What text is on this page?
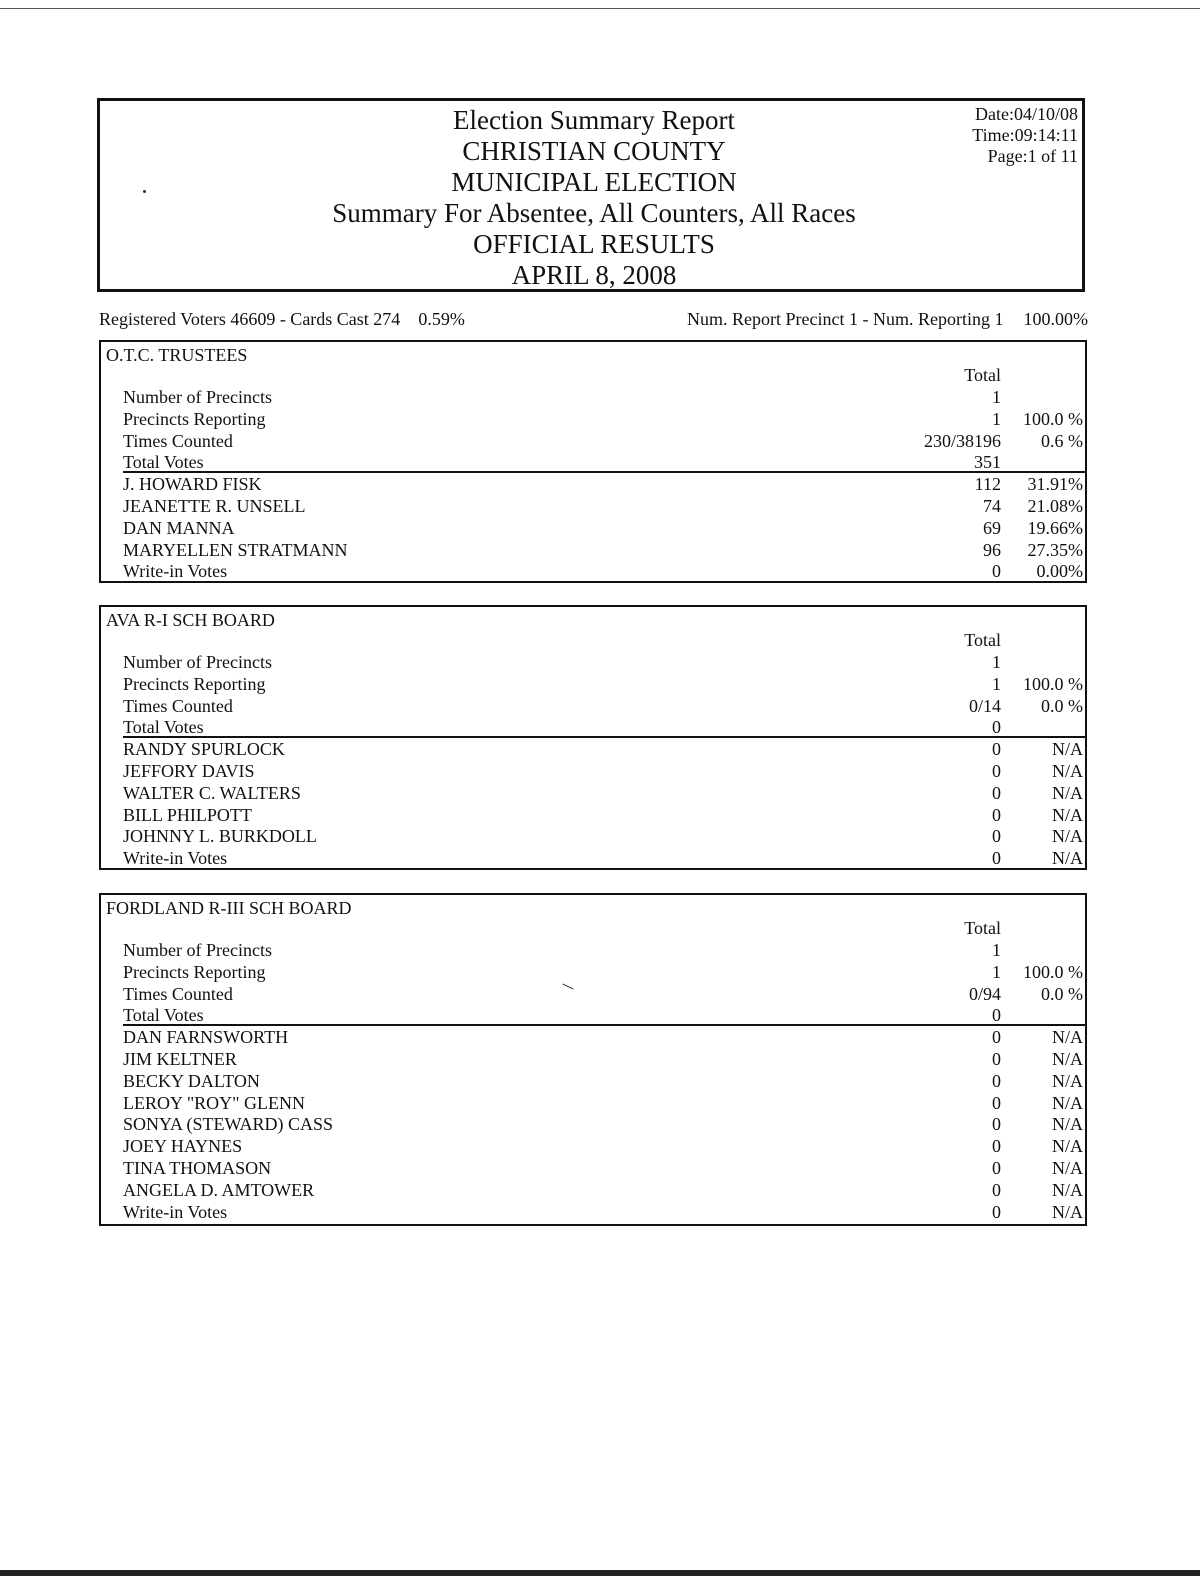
Election Summary Report
CHRISTIAN COUNTY
MUNICIPAL ELECTION
Summary For Absentee, All Counters, All Races
OFFICIAL RESULTS
APRIL 8, 2008
Date:04/10/08
Time:09:14:11
Page:1 of 11
Registered Voters 46609 - Cards Cast 274 0.59%	Num. Report Precinct 1 - Num. Reporting 1 100.00%
O.T.C. TRUSTEES
Total
Number of Precincts	1
Precincts Reporting	1	100.0 %
Times Counted	230/38196	0.6 %
Total Votes	351
J. HOWARD FISK	112	31.91%
JEANETTE R. UNSELL	74	21.08%
DAN MANNA	69	19.66%
MARYELLEN STRATMANN	96	27.35%
Write-in Votes	0	0.00%
AVA R-I SCH BOARD
Total
Number of Precincts	1
Precincts Reporting	1	100.0 %
Times Counted	0/14	0.0 %
Total Votes	0
RANDY SPURLOCK	0	N/A
JEFFORY DAVIS	0	N/A
WALTER C. WALTERS	0	N/A
BILL PHILPOTT	0	N/A
JOHNNY L. BURKDOLL	0	N/A
Write-in Votes	0	N/A
FORDLAND R-III SCH BOARD
Total
Number of Precincts	1
Precincts Reporting	1	100.0 %
Times Counted	0/94	0.0 %
Total Votes	0
DAN FARNSWORTH	0	N/A
JIM KELTNER	0	N/A
BECKY DALTON	0	N/A
LEROY "ROY" GLENN	0	N/A
SONYA (STEWARD) CASS	0	N/A
JOEY HAYNES	0	N/A
TINA THOMASON	0	N/A
ANGELA D. AMTOWER	0	N/A
Write-in Votes	0	N/A
